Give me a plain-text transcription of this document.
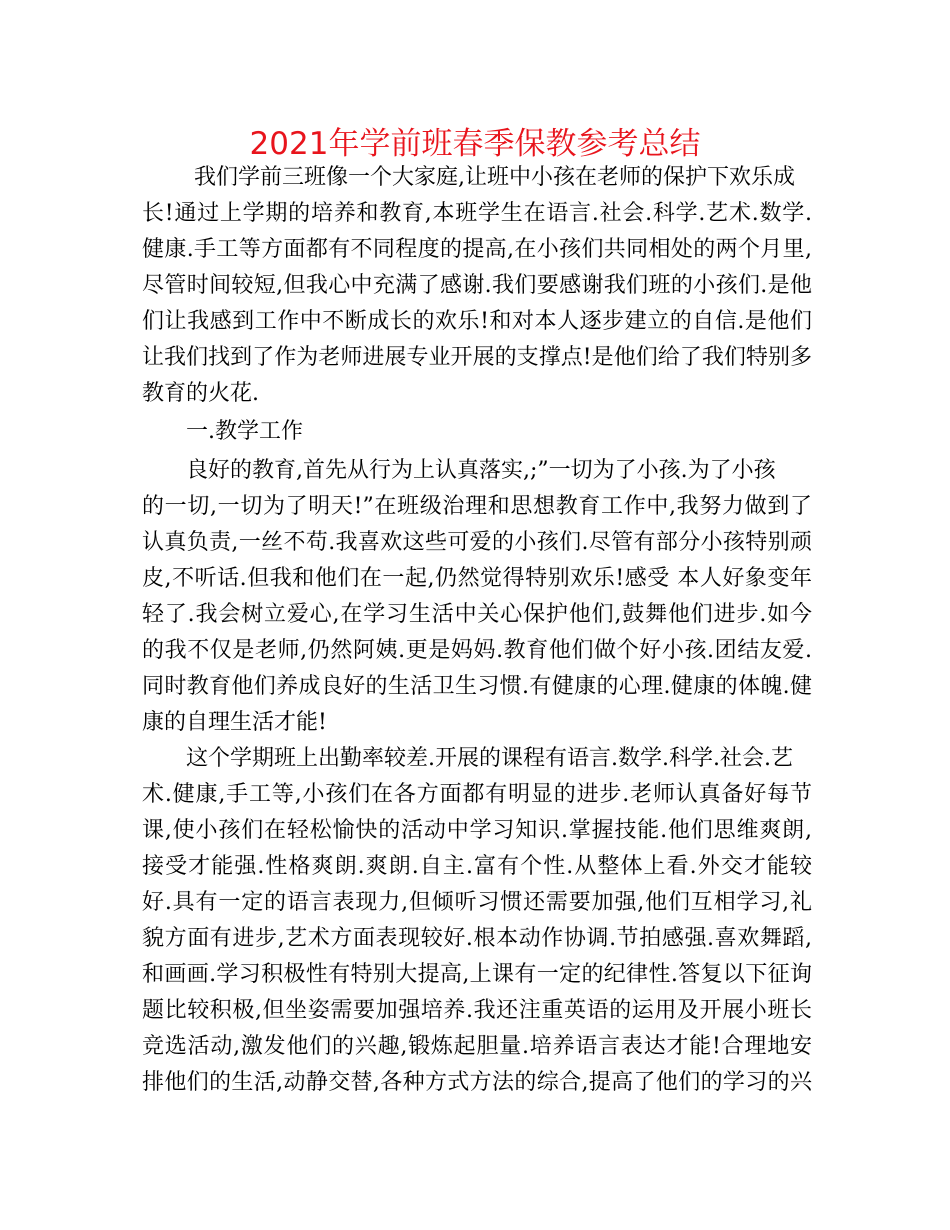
2021年学前班春季保教参考总结
我们学前三班像一个大家庭,让班中小孩在老师的保护下欢乐成
长!通过上学期的培养和教育,本班学生在语言.社会.科学.艺术.数学.
健康.手工等方面都有不同程度的提高,在小孩们共同相处的两个月里,
尽管时间较短,但我心中充满了感谢.我们要感谢我们班的小孩们.是他
们让我感到工作中不断成长的欢乐!和对本人逐步建立的自信.是他们
让我们找到了作为老师进展专业开展的支撑点!是他们给了我们特别多
教育的火花.
一.教学工作
良好的教育,首先从行为上认真落实,;”一切为了小孩.为了小孩
的一切,一切为了明天!”在班级治理和思想教育工作中,我努力做到了
认真负责,一丝不苟.我喜欢这些可爱的小孩们.尽管有部分小孩特别顽
皮,不听话.但我和他们在一起,仍然觉得特别欢乐!感受 本人好象变年
轻了.我会树立爱心,在学习生活中关心保护他们,鼓舞他们进步.如今
的我不仅是老师,仍然阿姨.更是妈妈.教育他们做个好小孩.团结友爱.
同时教育他们养成良好的生活卫生习惯.有健康的心理.健康的体魄.健
康的自理生活才能!
这个学期班上出勤率较差.开展的课程有语言.数学.科学.社会.艺
术.健康,手工等,小孩们在各方面都有明显的进步.老师认真备好每节
课,使小孩们在轻松愉快的活动中学习知识.掌握技能.他们思维爽朗,
接受才能强.性格爽朗.爽朗.自主.富有个性.从整体上看.外交才能较
好.具有一定的语言表现力,但倾听习惯还需要加强,他们互相学习,礼
貌方面有进步,艺术方面表现较好.根本动作协调.节拍感强.喜欢舞蹈,
和画画.学习积极性有特别大提高,上课有一定的纪律性.答复以下征询
题比较积极,但坐姿需要加强培养.我还注重英语的运用及开展小班长
竞选活动,激发他们的兴趣,锻炼起胆量.培养语言表达才能!合理地安
排他们的生活,动静交替,各种方式方法的综合,提高了他们的学习的兴
